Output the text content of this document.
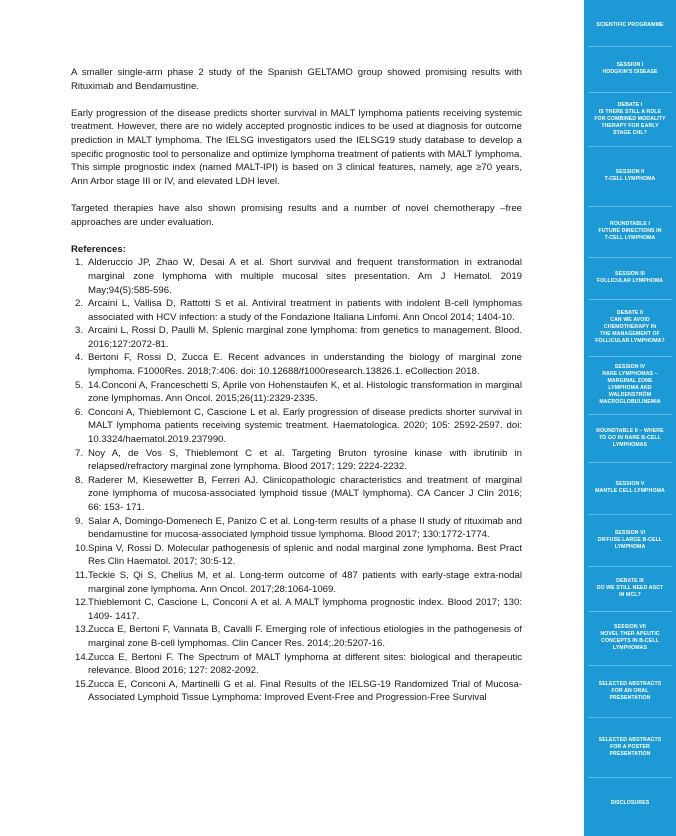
A smaller single-arm phase 2 study of the Spanish GELTAMO group showed promising results with Rituximab and Bendamustine.

Early progression of the disease predicts shorter survival in MALT lymphoma patients receiving systemic treatment. However, there are no widely accepted prognostic indices to be used at diagnosis for outcome prediction in MALT lymphoma. The IELSG investigators used the IELSG19 study database to develop a specific prognostic tool to personalize and optimize lymphoma treatment of patients with MALT lymphoma. This simple prognostic index (named MALT-IPI) is based on 3 clinical features, namely, age ≥70 years, Ann Arbor stage III or IV, and elevated LDH level.

Targeted therapies have also shown promising results and a number of novel chemotherapy –free approaches are under evaluation.

References:

1. Alderuccio JP, Zhao W, Desai A et al. Short survival and frequent transformation in extranodal marginal zone lymphoma with multiple mucosal sites presentation. Am J Hematol. 2019 May;94(5):585-596.
2. Arcaini L, Vallisa D, Rattotti S et al. Antiviral treatment in patients with indolent B-cell lymphomas associated with HCV infection: a study of the Fondazione Italiana Linfomi. Ann Oncol 2014; 1404-10.
3. Arcaini L, Rossi D, Paulli M. Splenic marginal zone lymphoma: from genetics to management. Blood. 2016;127:2072-81.
4. Bertoni F, Rossi D, Zucca E. Recent advances in understanding the biology of marginal zone lymphoma. F1000Res. 2018;7:406. doi: 10.12688/f1000research.13826.1. eCollection 2018.
5. 14.Conconi A, Franceschetti S, Aprile von Hohenstaufen K, et al. Histologic transformation in marginal zone lymphomas. Ann Oncol. 2015;26(11):2329-2335.
6. Conconi A, Thieblemont C, Cascione L et al. Early progression of disease predicts shorter survival in MALT lymphoma patients receiving systemic treatment. Haematologica. 2020; 105: 2592-2597. doi: 10.3324/haematol.2019.237990.
7. Noy A, de Vos S, Thieblemont C et al. Targeting Bruton tyrosine kinase with ibrutinib in relapsed/refractory marginal zone lymphoma. Blood 2017; 129: 2224-2232.
8. Raderer M, Kiesewetter B, Ferreri AJ. Clinicopathologic characteristics and treatment of marginal zone lymphoma of mucosa-associated lymphoid tissue (MALT lymphoma). CA Cancer J Clin 2016; 66: 153- 171.
9. Salar A, Domingo-Domenech E, Panizo C et al. Long-term results of a phase II study of rituximab and bendamustine for mucosa-associated lymphoid tissue lymphoma. Blood 2017; 130:1772-1774.
10. Spina V, Rossi D. Molecular pathogenesis of splenic and nodal marginal zone lymphoma. Best Pract Res Clin Haematol. 2017; 30:5-12.
11. Teckie S, Qi S, Chelius M, et al. Long-term outcome of 487 patients with early-stage extra-nodal marginal zone lymphoma. Ann Oncol. 2017;28:1064-1069.
12. Thieblemont C, Cascione L, Conconi A et al. A MALT lymphoma prognostic index. Blood 2017; 130: 1409- 1417.
13. Zucca E, Bertoni F, Vannata B, Cavalli F. Emerging role of infectious etiologies in the pathogenesis of marginal zone B-cell lymphomas. Clin Cancer Res. 2014;.20:5207-16.
14. Zucca E, Bertoni F. The Spectrum of MALT lymphoma at different sites: biological and therapeutic relevance. Blood 2016; 127: 2082-2092.
15. Zucca E, Conconi A, Martinelli G et al. Final Results of the IELSG-19 Randomized Trial of Mucosa-Associated Lymphoid Tissue Lymphoma: Improved Event-Free and Progression-Free Survival
SCIENTIFIC PROGRAMME
SESSION I
HODGKIN'S DISEASE
DEBATE I
IS THERE STILL A ROLE
FOR COMBINED MODALITY
THERAPY FOR EARLY
STAGE CHL?
SESSION II
T-CELL LYMPHOMA
ROUNDTABLE I
FUTURE DIRECTIONS IN
T-CELL LYMPHOMA
SESSION III
FOLLICULAR LYMPHOMA
DEBATE II
CAN WE AVOID
CHEMOTHERAPY IN
THE MANAGEMENT OF
FOLLICULAR LYMPHOMA?
SESSION IV
RARE LYMPHOMAS –
MARGINAL ZONE
LYMPHOMA AND
WALDENSTRÖM
MACROGLOBULINEMIA
ROUNDTABLE II – WHERE
TO GO IN RARE B-CELL
LYMPHOMAS
SESSION V
MANTLE CELL LYMPHOMA
SESSION VI
DIFFUSE LARGE B-CELL
LYMPHOMA
DEBATE III
DO WE STILL NEED ASCT
IN MCL?
SESSION VII
NOVEL THER APEUTIC
CONCEPTS IN B-CELL
LYMPHOMAS
SELECTED ABSTRACTS
FOR AN ORAL
PRESENTATION
SELECTED ABSTRACTS
FOR A POSTER
PRESENTATION
DISCLOSURES
